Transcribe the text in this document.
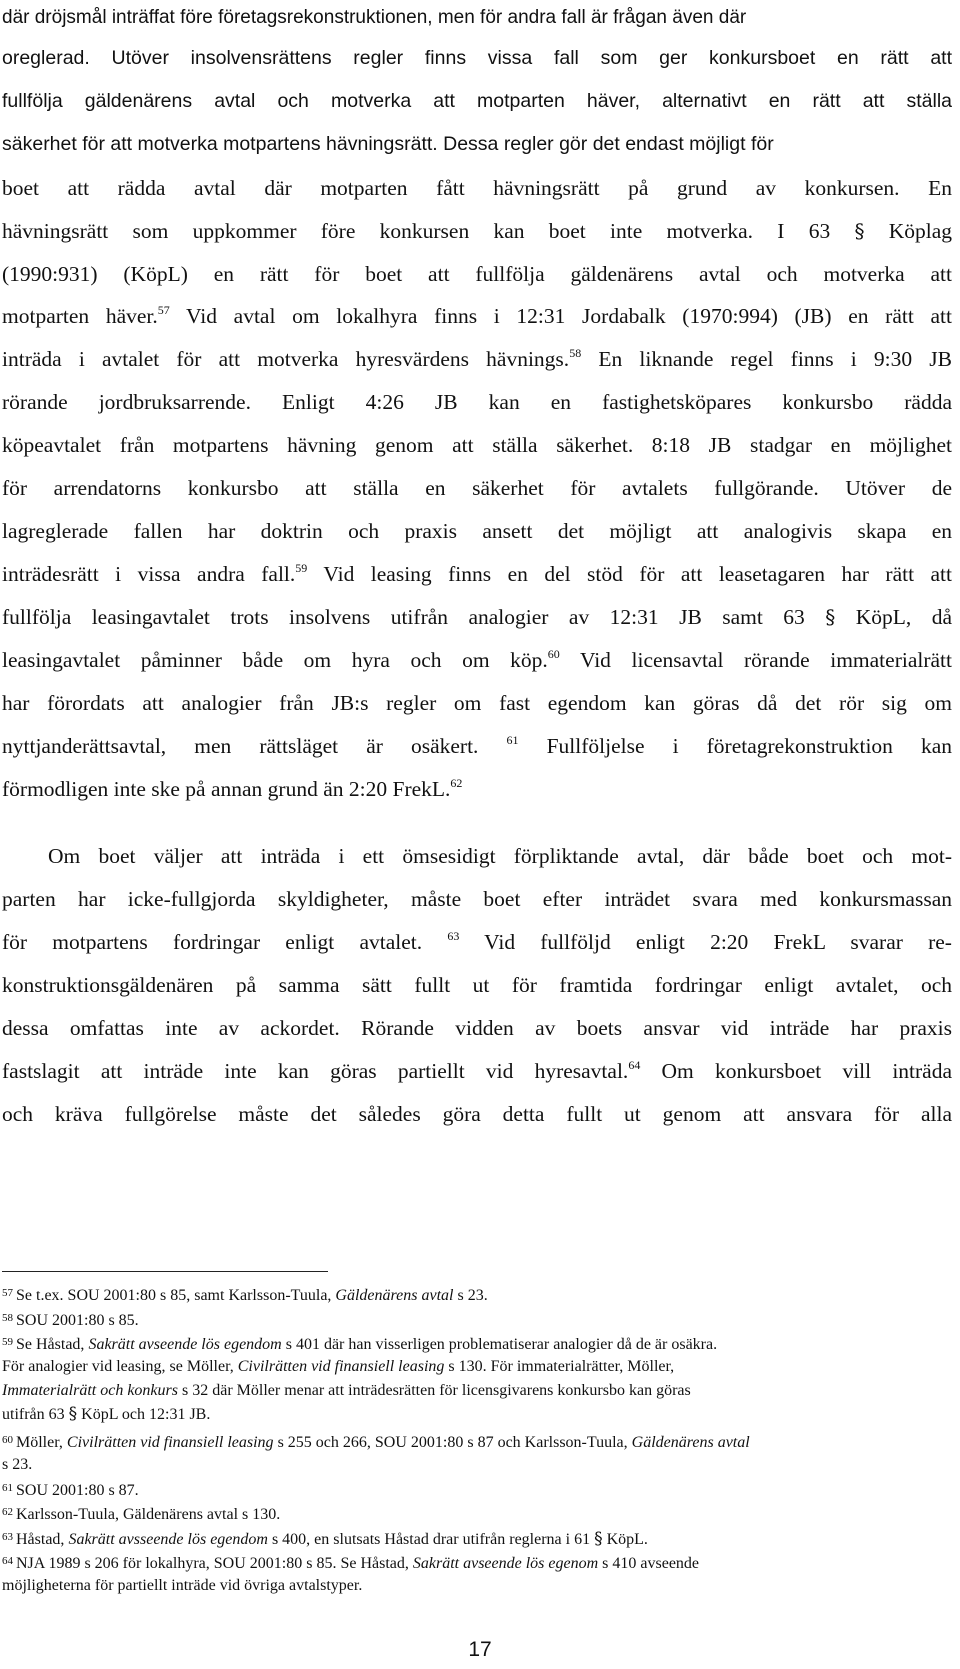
där dröjsmål inträffat före företagsrekonstruktionen, men för andra fall är frågan även där
oreglerad. Utöver insolvensrättens regler finns vissa fall som ger konkursboet en rätt att
fullfölja gäldenärens avtal och motverka att motparten häver, alternativt en rätt att ställa
säkerhet för att motverka motpartens hävningsrätt. Dessa regler gör det endast möjligt för
boet att rädda avtal där motparten fått hävningsrätt på grund av konkursen. En
hävningsrätt som uppkommer före konkursen kan boet inte motverka. I 63 § Köplag
(1990:931) (KöpL) en rätt för boet att fullfölja gäldenärens avtal och motverka att
motparten häver.$^{57}$ Vid avtal om lokalhyra finns i 12:31 Jordabalk (1970:994) (JB) en rätt att
inträda i avtalet för att motverka hyresvärdens hävnings.$^{58}$ En liknande regel finns i 9:30 JB
rörande jordbruksarrende. Enligt 4:26 JB kan en fastighetsköpares konkursbo rädda
köpeavtalet från motpartens hävning genom att ställa säkerhet. 8:18 JB stadgar en möjlighet
för arrendatorns konkursbo att ställa en säkerhet för avtalets fullgörande. Utöver de
lagreglerade fallen har doktrin och praxis ansett det möjligt att analogivis skapa en
inträdesrätt i vissa andra fall.$^{59}$ Vid leasing finns en del stöd för att leasetagaren har rätt att
fullfölja leasingavtalet trots insolvens utifrån analogier av 12:31 JB samt 63 § KöpL, då
leasingavtalet påminner både om hyra och om köp.$^{60}$ Vid licensavtal rörande immaterialrätt
har förordats att analogier från JB:s regler om fast egendom kan göras då det rör sig om
nyttjanderättsavtal, men rättsläget är osäkert. $^{61}$ Fullföljelse i företagrekonstruktion kan
förmodligen inte ske på annan grund än 2:20 FrekL.$^{62}$
Om boet väljer att inträda i ett ömsesidigt förpliktande avtal, där både boet och mot-
parten har icke-fullgjorda skyldigheter, måste boet efter inträdet svara med konkursmassan
för motpartens fordringar enligt avtalet. $^{63}$ Vid fullföljd enligt 2:20 FrekL svarar re-
konstruktionsgäldenären på samma sätt fullt ut för framtida fordringar enligt avtalet, och
dessa omfattas inte av ackordet. Rörande vidden av boets ansvar vid inträde har praxis
fastslagit att inträde inte kan göras partiellt vid hyresavtal.$^{64}$ Om konkursboet vill inträda
och kräva fullgörelse måste det således göra detta fullt ut genom att ansvara för alla
$^{57}$ Se t.ex. SOU 2001:80 s 85, samt Karlsson-Tuula, Gäldenärens avtal s 23.
$^{58}$ SOU 2001:80 s 85.
$^{59}$ Se Håstad, Sakrätt avseende lös egendom s 401 där han visserligen problematiserar analogier då de är osäkra.
För analogier vid leasing, se Möller, Civilrätten vid finansiell leasing s 130. För immaterialrätter, Möller,
Immaterialrätt och konkurs s 32 där Möller menar att inträdesrätten för licensgivarens konkursbo kan göras
utifrån 63 § KöpL och 12:31 JB.
$^{60}$ Möller, Civilrätten vid finansiell leasing s 255 och 266, SOU 2001:80 s 87 och Karlsson-Tuula, Gäldenärens avtal
s 23.
$^{61}$ SOU 2001:80 s 87.
$^{62}$ Karlsson-Tuula, Gäldenärens avtal s 130.
$^{63}$ Håstad, Sakrätt avsseende lös egendom s 400, en slutsats Håstad drar utifrån reglerna i 61 § KöpL.
$^{64}$ NJA 1989 s 206 för lokalhyra, SOU 2001:80 s 85. Se Håstad, Sakrätt avseende lös egenom s 410 avseende
möjligheterna för partiellt inträde vid övriga avtalstyper.
17
